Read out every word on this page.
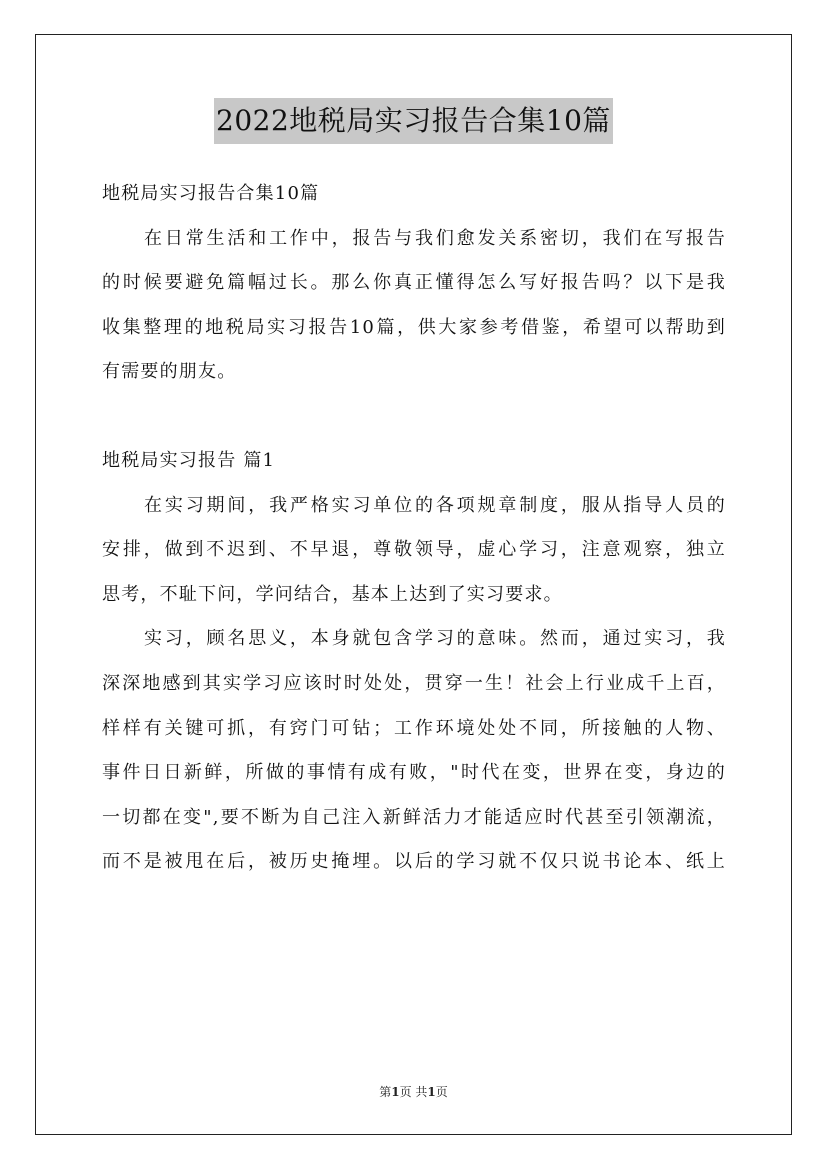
2022地税局实习报告合集10篇

地税局实习报告合集10篇

在日常生活和工作中，报告与我们愈发关系密切，我们在写报告

的时候要避免篇幅过长。那么你真正懂得怎么写好报告吗？以下是我

收集整理的地税局实习报告10篇，供大家参考借鉴，希望可以帮助到

有需要的朋友。

地税局实习报告 篇1

在实习期间，我严格实习单位的各项规章制度，服从指导人员的

安排，做到不迟到、不早退，尊敬领导，虚心学习，注意观察，独立

思考，不耻下问，学问结合，基本上达到了实习要求。

实习，顾名思义，本身就包含学习的意味。然而，通过实习，我

深深地感到其实学习应该时时处处，贯穿一生！社会上行业成千上百，

样样有关键可抓，有窍门可钻；工作环境处处不同，所接触的人物、

事件日日新鲜，所做的事情有成有败，"时代在变，世界在变，身边的

一切都在变",要不断为自己注入新鲜活力才能适应时代甚至引领潮流，

而不是被甩在后，被历史掩埋。以后的学习就不仅只说书论本、纸上

第1页 共1页
